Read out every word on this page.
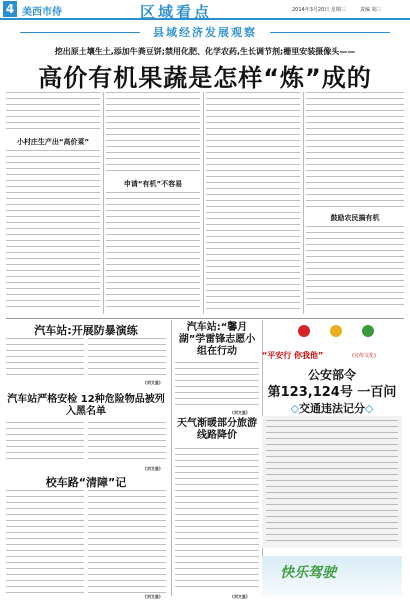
4 美西市侍	区域看点	2014年3月20日 星期三	责编 胡三
县域经济发展观察
挖出原土壤生土,添加牛粪豆饼;禁用化肥、化学农药,生长调节剂;栅里安装摄像头——
高价有机果蔬是怎样“炼”成的
小村庄生产出“高价菜”
申请“有机”不容易
鼓励农民搞有机
汽车站:开展防暴演练
(刘文星)
汽车站严格安检 12种危险物品被列入黑名单
(刘文星)
校车路“清障”记
(刘文星)
汽车站:“馨月湖”学雷锋志愿小组在行动
(刘文星)
天气渐暖部分旅游线路降价
(刘文星)
“平安行 你我他”	(宣传文化)
公安部令
第123,124号 一百问
◇交通违法记分◇
快乐驾驶
